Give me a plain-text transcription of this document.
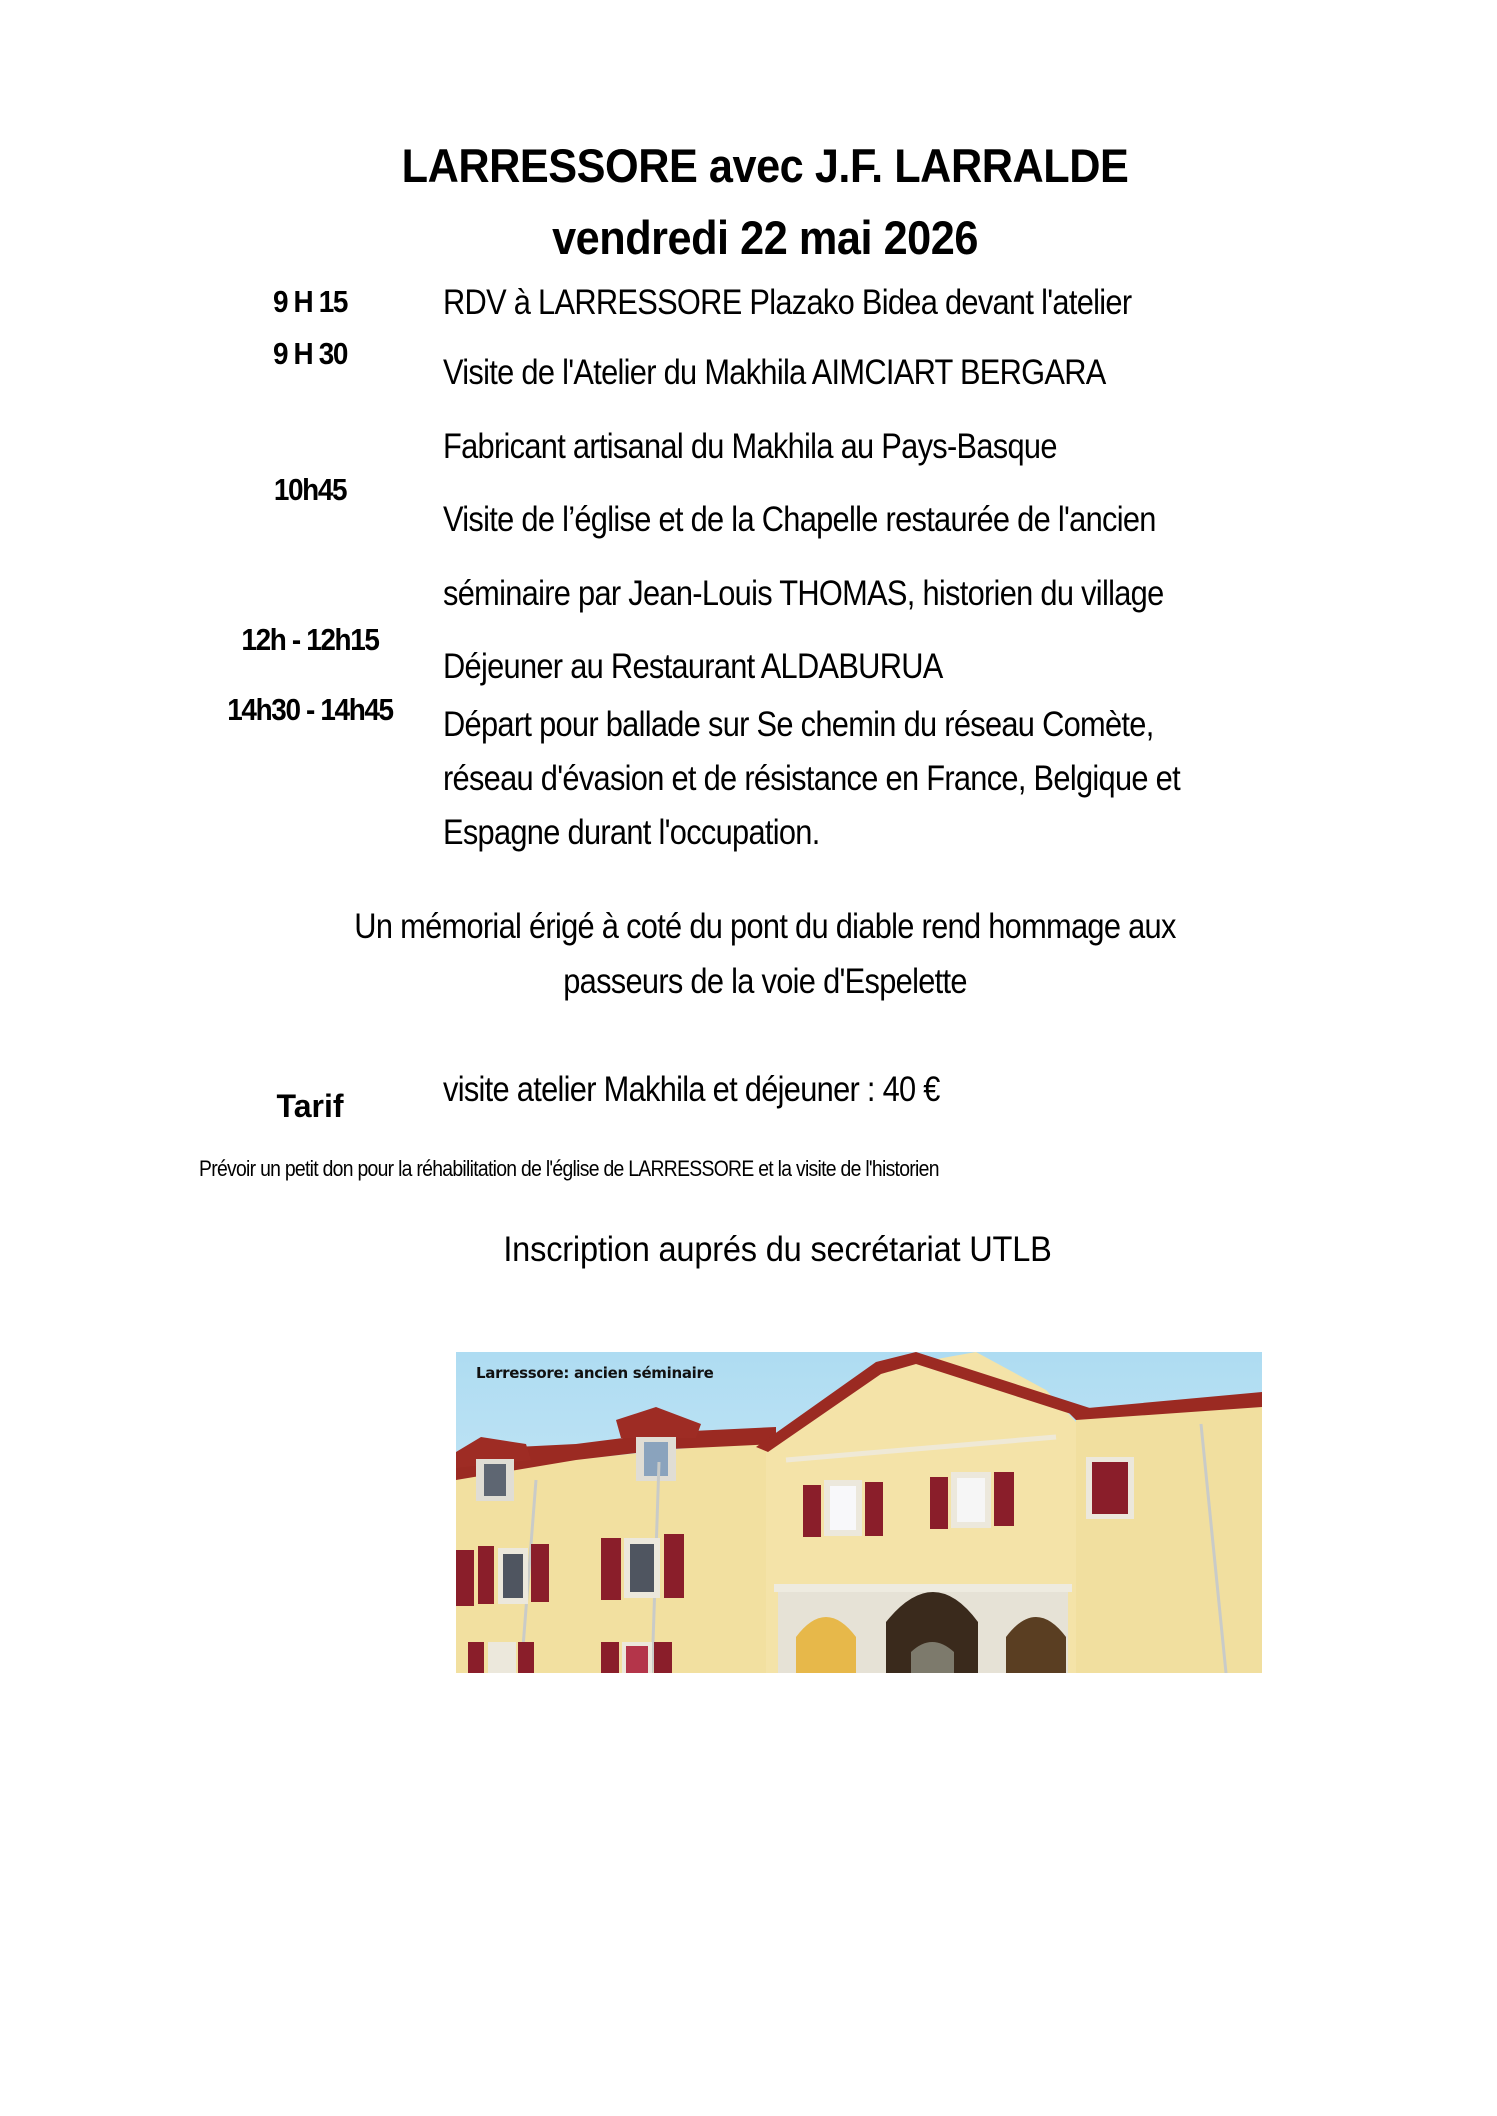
LARRESSORE avec J.F. LARRALDE
vendredi 22 mai 2026
9 H 15
9 H 30
10h45
12h - 12h15
14h30 - 14h45
RDV à LARRESSORE Plazako Bidea devant l'atelier
Visite de l'Atelier du Makhila AIMCIART BERGARA
Fabricant artisanal du Makhila au Pays-Basque
Visite de l’église et de la Chapelle restaurée de l'ancien
séminaire par Jean-Louis THOMAS, historien du village
Déjeuner au Restaurant ALDABURUA
Départ pour ballade sur Se chemin du réseau Comète,
réseau d'évasion et de résistance en France, Belgique et
Espagne durant l'occupation.
Un mémorial érigé à coté du pont du diable rend hommage aux
passeurs de la voie d'Espelette
Tarif	visite atelier Makhila et déjeuner : 40 €
Prévoir un petit don pour la réhabilitation de l'église de LARRESSORE et la visite de l'historien
Inscription auprés du secrétariat UTLB
Larressore: ancien séminaire
